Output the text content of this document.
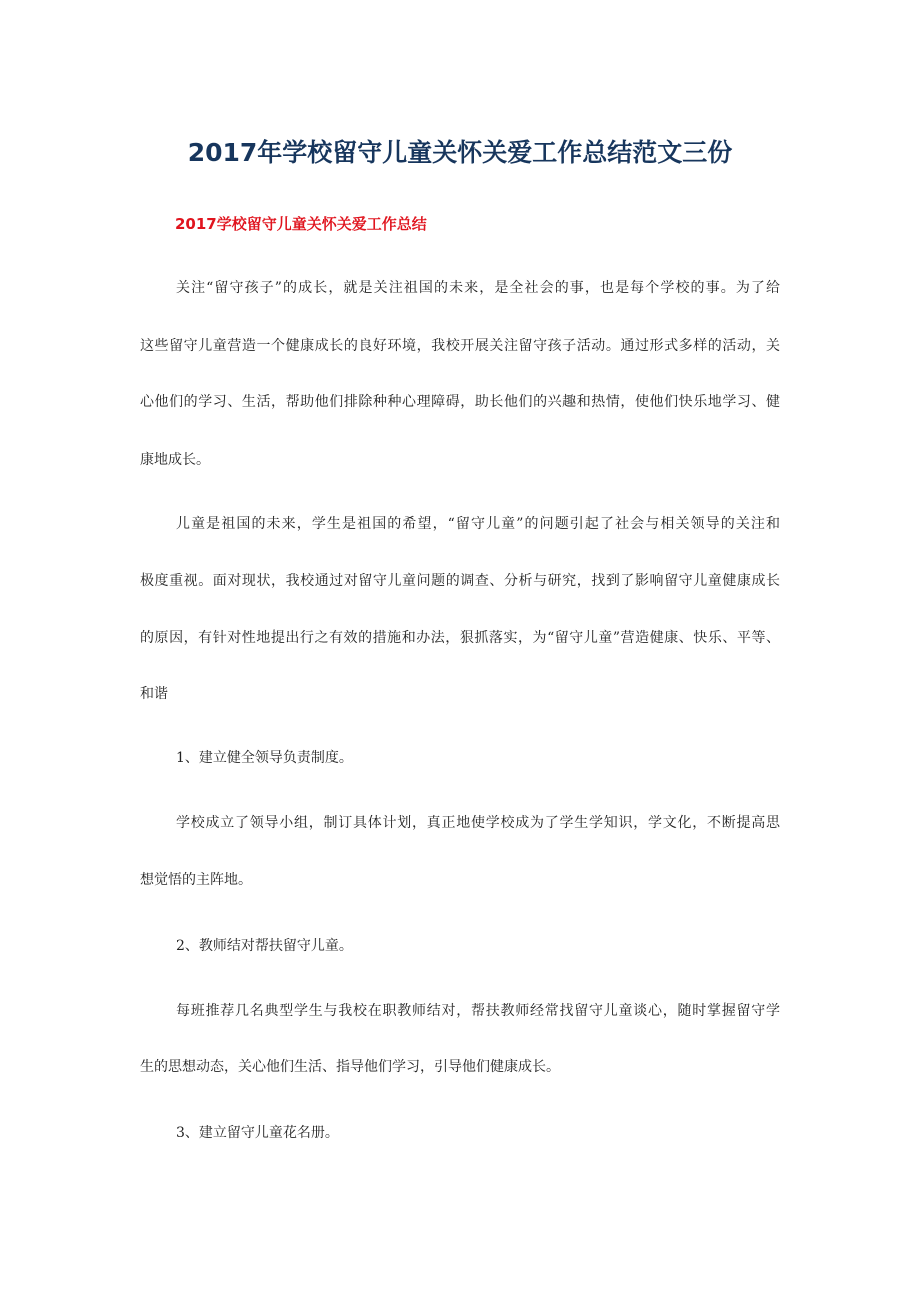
2017年学校留守儿童关怀关爱工作总结范文三份
2017学校留守儿童关怀关爱工作总结
关注“留守孩子”的成长，就是关注祖国的未来，是全社会的事，也是每个学校的事。为了给
这些留守儿童营造一个健康成长的良好环境，我校开展关注留守孩子活动。通过形式多样的活动，关
心他们的学习、生活，帮助他们排除种种心理障碍，助长他们的兴趣和热情，使他们快乐地学习、健
康地成长。
儿童是祖国的未来，学生是祖国的希望，“留守儿童”的问题引起了社会与相关领导的关注和
极度重视。面对现状，我校通过对留守儿童问题的调查、分析与研究，找到了影响留守儿童健康成长
的原因，有针对性地提出行之有效的措施和办法，狠抓落实，为“留守儿童”营造健康、快乐、平等、
和谐
1、建立健全领导负责制度。
学校成立了领导小组，制订具体计划，真正地使学校成为了学生学知识，学文化，不断提高思
想觉悟的主阵地。
2、教师结对帮扶留守儿童。
每班推荐几名典型学生与我校在职教师结对，帮扶教师经常找留守儿童谈心，随时掌握留守学
生的思想动态，关心他们生活、指导他们学习，引导他们健康成长。
3、建立留守儿童花名册。
